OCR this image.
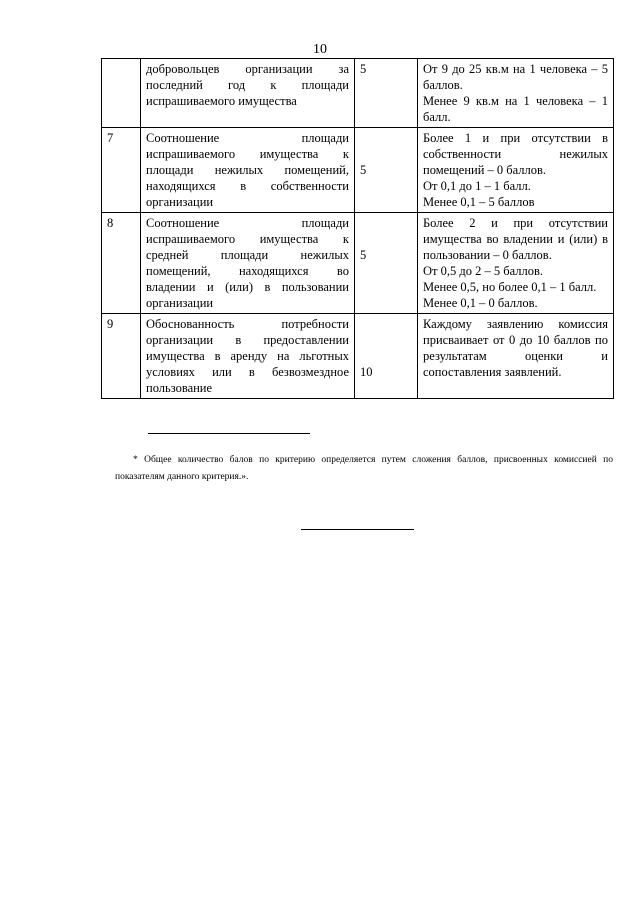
10
	добровольцев организации за последний год к площади испрашиваемого имущества	5	От 9 до 25 кв.м на 1 человека – 5 баллов.

Менее 9 кв.м на 1 человека – 1 балл.

7	Соотношение площади испрашиваемого имущества к площади нежилых помещений, находящихся в собственности организации	5	Более 1 и при отсутствии в собственности нежилых помещений – 0 баллов.

От 0,1 до 1 – 1 балл.

Менее 0,1 – 5 баллов

8	Соотношение площади испрашиваемого имущества к средней площади нежилых помещений, находящихся во владении и (или) в пользовании организации	5	Более 2 и при отсутствии имущества во владении и (или) в пользовании – 0 баллов.

От 0,5 до 2 – 5 баллов.

Менее 0,5, но более 0,1 – 1 балл.

Менее 0,1 – 0 баллов.

9	Обоснованность потребности организации в предоставлении имущества в аренду на льготных условиях или в безвозмездное пользование	10	Каждому заявлению комиссия присваивает от 0 до 10 баллов по результатам оценки и сопоставления заявлений.

* Общее количество балов по критерию определяется путем сложения баллов, присвоенных комиссией по показателям данного критерия.».
